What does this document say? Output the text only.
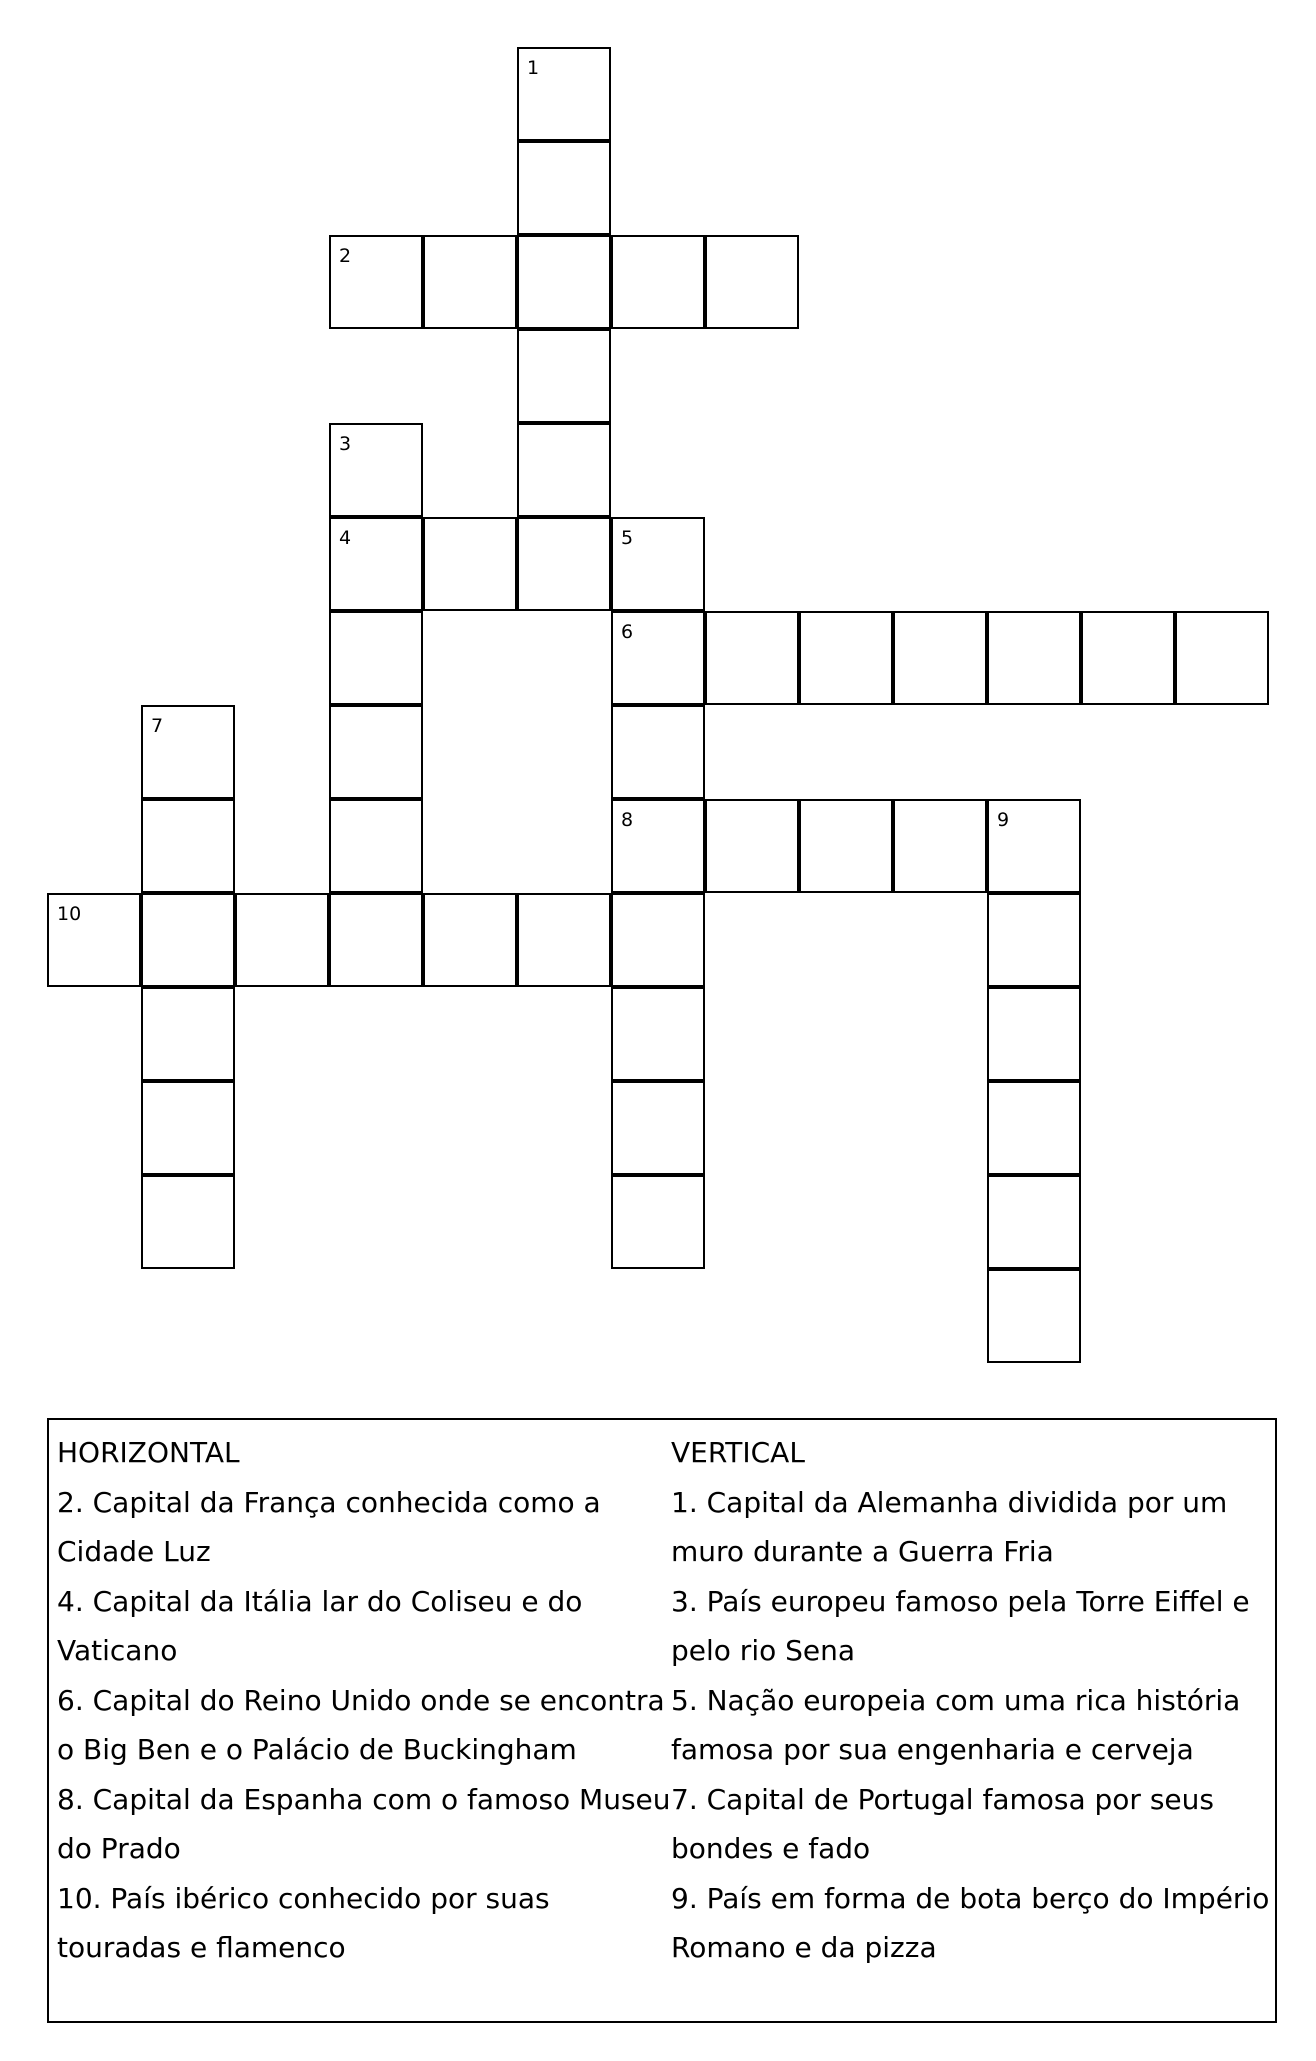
1
2
3
4	5
6
8
7
9
10
HORIZONTAL
2. Capital da França conhecida como a
Cidade Luz
4. Capital da Itália lar do Coliseu e do
Vaticano
6. Capital do Reino Unido onde se encontra
o Big Ben e o Palácio de Buckingham
8. Capital da Espanha com o famoso Museu
do Prado
10. País ibérico conhecido por suas
touradas e flamenco
VERTICAL
1. Capital da Alemanha dividida por um
muro durante a Guerra Fria
3. País europeu famoso pela Torre Eiffel e
pelo rio Sena
5. Nação europeia com uma rica história
famosa por sua engenharia e cerveja
7. Capital de Portugal famosa por seus
bondes e fado
9. País em forma de bota berço do Império
Romano e da pizza
